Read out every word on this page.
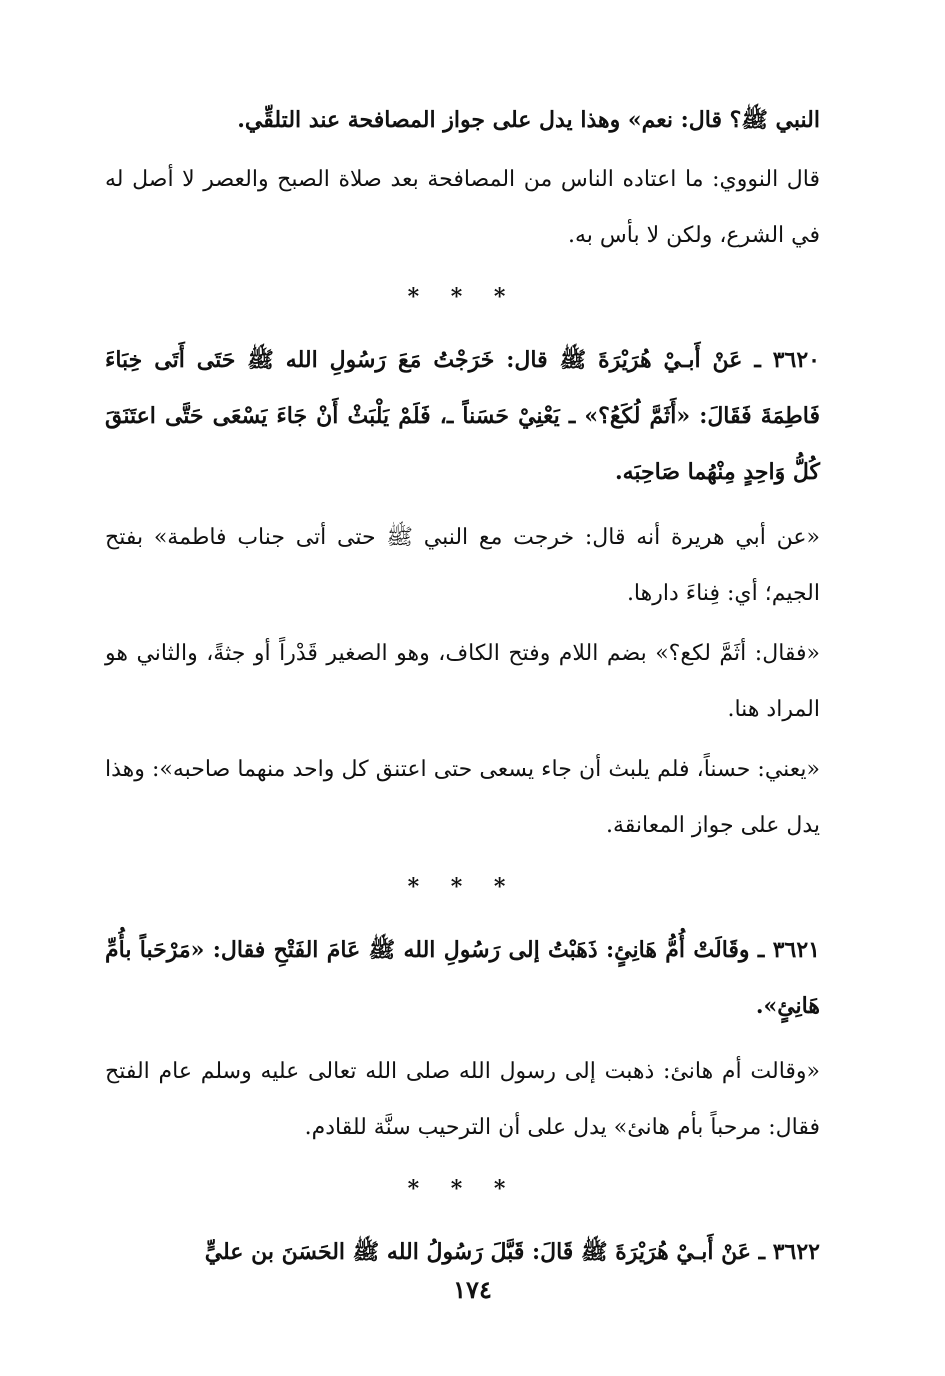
النبي ﷺ؟ قال: نعم» وهذا يدل على جواز المصافحة عند التلقِّي.

قال النووي: ما اعتاده الناس من المصافحة بعد صلاة الصبح والعصر لا أصل له في الشرع، ولكن لا بأس به.

* * *

٣٦٢٠ ـ عَنْ أَبـيْ هُرَيْرَةَ ﷺ قال: خَرَجْتُ مَعَ رَسُولِ الله ﷺ حَتَى أَتَى خِبَاءَ فَاطِمَةَ فَقَالَ: «أَثَمَّ لُكَعُ؟» ـ يَعْنِيْ حَسَناً ـ، فَلَمْ يَلْبَثْ أَنْ جَاءَ يَسْعَى حَتَّى اعتَنَقَ كُلُّ وَاحِدٍ مِنْهُما صَاحِبَه.

«عن أبي هريرة أنه قال: خرجت مع النبي ﷺ حتى أتى جناب فاطمة» بفتح الجيم؛ أي: فِناءَ دارها.

«فقال: أثَمَّ لكع؟» بضم اللام وفتح الكاف، وهو الصغير قَدْراً أو جثةً، والثاني هو المراد هنا.

«يعني: حسناً، فلم يلبث أن جاء يسعى حتى اعتنق كل واحد منهما صاحبه»: وهذا يدل على جواز المعانقة.

* * *

٣٦٢١ ـ وقَالَتْ أُمُّ هَانِئٍ: ذَهَبْتُ إلى رَسُولِ الله ﷺ عَامَ الفَتْحِ فقال: «مَرْحَباً بأُمِّ هَانِئٍ».

«وقالت أم هانئ: ذهبت إلى رسول الله صلى الله تعالى عليه وسلم عام الفتح فقال: مرحباً بأم هانئ» يدل على أن الترحيب سنَّة للقادم.

* * *

٣٦٢٢ ـ عَنْ أَبـيْ هُرَيْرَةَ ﷺ قَالَ: قَبَّلَ رَسُولُ الله ﷺ الحَسَنَ بن عليٍّ

١٧٤
